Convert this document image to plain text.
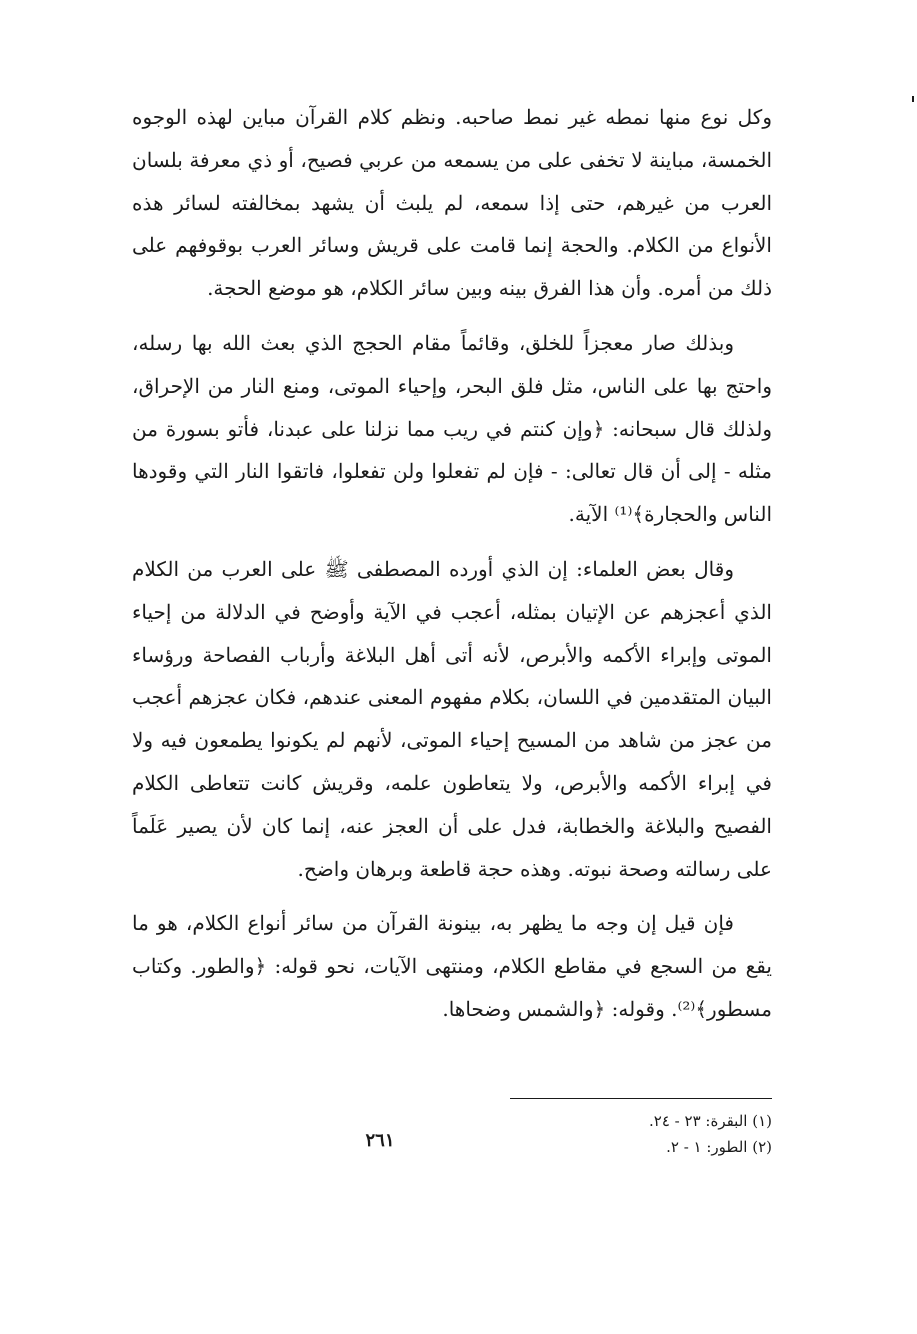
وكل نوع منها نمطه غير نمط صاحبه. ونظم كلام القرآن مباين لهذه الوجوه الخمسة، مباينة لا تخفى على من يسمعه من عربي فصيح، أو ذي معرفة بلسان العرب من غيرهم، حتى إذا سمعه، لم يلبث أن يشهد بمخالفته لسائر هذه الأنواع من الكلام. والحجة إنما قامت على قريش وسائر العرب بوقوفهم على ذلك من أمره. وأن هذا الفرق بينه وبين سائر الكلام، هو موضع الحجة.

وبذلك صار معجزاً للخلق، وقائماً مقام الحجج الذي بعث الله بها رسله، واحتج بها على الناس، مثل فلق البحر، وإحياء الموتى، ومنع النار من الإحراق، ولذلك قال سبحانه: ﴿وإن كنتم في ريب مما نزلنا على عبدنا، فأتو بسورة من مثله - إلى أن قال تعالى: - فإن لم تفعلوا ولن تفعلوا، فاتقوا النار التي وقودها الناس والحجارة﴾⁽¹⁾ الآية.

وقال بعض العلماء: إن الذي أورده المصطفى ﷺ على العرب من الكلام الذي أعجزهم عن الإتيان بمثله، أعجب في الآية وأوضح في الدلالة من إحياء الموتى وإبراء الأكمه والأبرص، لأنه أتى أهل البلاغة وأرباب الفصاحة ورؤساء البيان المتقدمين في اللسان، بكلام مفهوم المعنى عندهم، فكان عجزهم أعجب من عجز من شاهد من المسيح إحياء الموتى، لأنهم لم يكونوا يطمعون فيه ولا في إبراء الأكمه والأبرص، ولا يتعاطون علمه، وقريش كانت تتعاطى الكلام الفصيح والبلاغة والخطابة، فدل على أن العجز عنه، إنما كان لأن يصير عَلَماً على رسالته وصحة نبوته. وهذه حجة قاطعة وبرهان واضح.

فإن قيل إن وجه ما يظهر به، بينونة القرآن من سائر أنواع الكلام، هو ما يقع من السجع في مقاطع الكلام، ومنتهى الآيات، نحو قوله: ﴿والطور. وكتاب مسطور﴾⁽²⁾. وقوله: ﴿والشمس وضحاها.

(١) البقرة: ٢٣ - ٢٤.

(٢) الطور: ١ - ٢.

٢٦١
